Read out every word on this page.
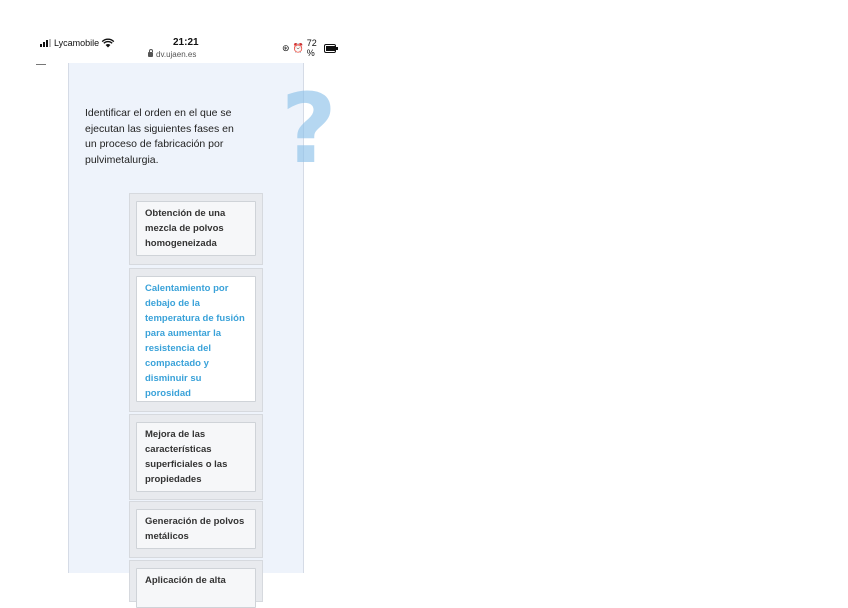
Lycamobile	21:21
dv.ujaen.es
⊛ ⏰ 72 %
?
Identificar el orden en el que se ejecutan las siguientes fases en un proceso de fabricación por pulvimetalurgia.
Obtención de una mezcla de polvos homogeneizada
Calentamiento por debajo de la temperatura de fusión para aumentar la resistencia del compactado y disminuir su porosidad
Mejora de las características superficiales o las propiedades
Generación de polvos metálicos
Aplicación de alta
